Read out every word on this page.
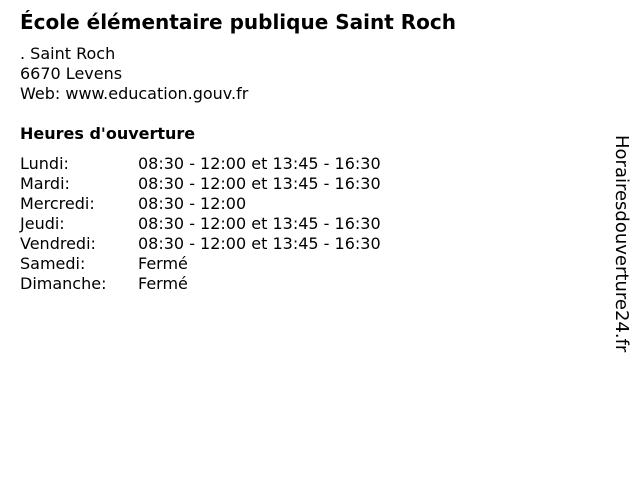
École élémentaire publique Saint Roch
. Saint Roch
6670 Levens
Web: www.education.gouv.fr
Heures d'ouverture
Lundi:	08:30 - 12:00 et 13:45 - 16:30
Mardi:	08:30 - 12:00 et 13:45 - 16:30
Mercredi:	08:30 - 12:00
Jeudi:	08:30 - 12:00 et 13:45 - 16:30
Vendredi:	08:30 - 12:00 et 13:45 - 16:30
Samedi:	Fermé
Dimanche:	Fermé	Horairesdouverture24.fr
